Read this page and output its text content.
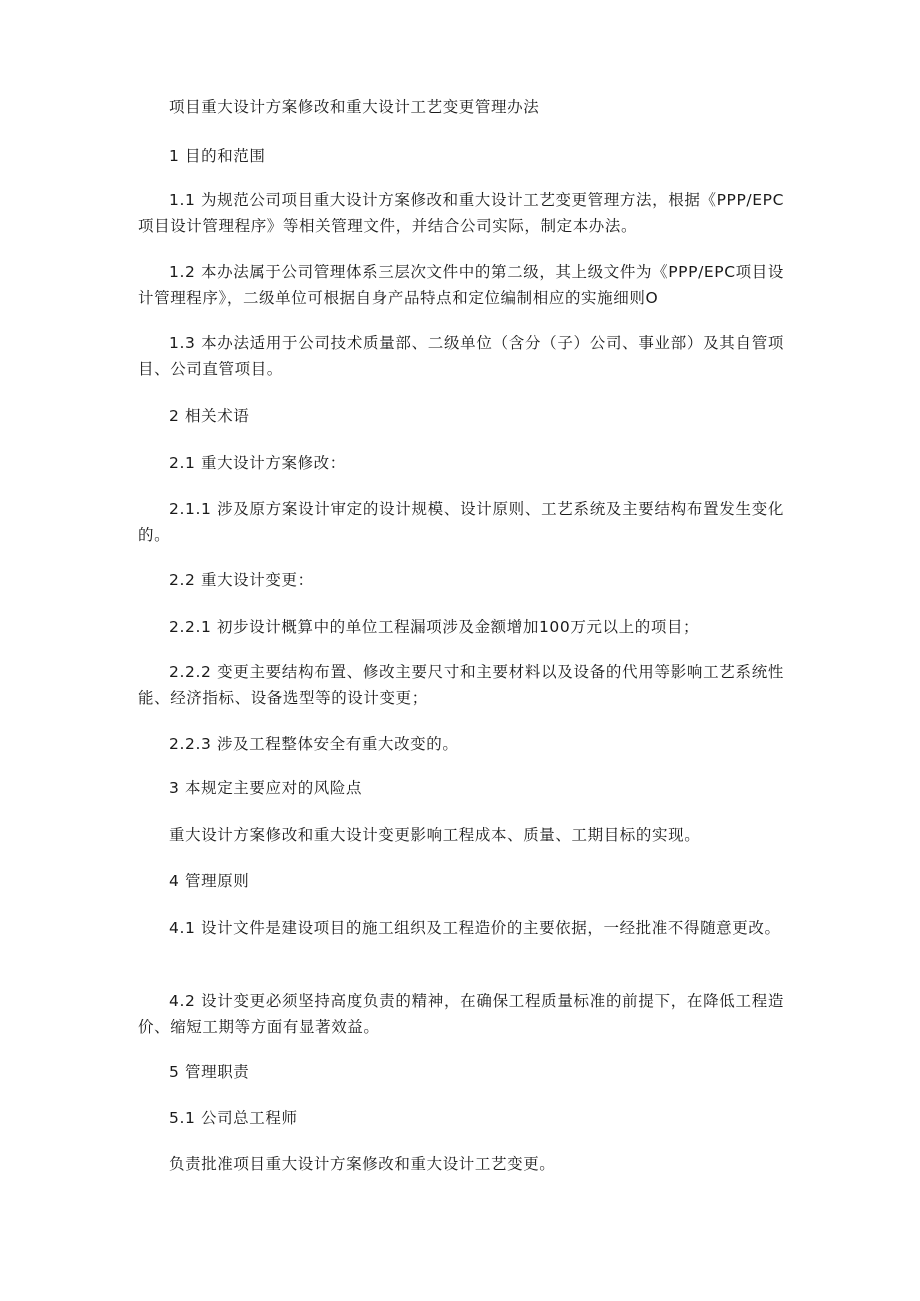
项目重大设计方案修改和重大设计工艺变更管理办法

1 目的和范围

1.1 为规范公司项目重大设计方案修改和重大设计工艺变更管理方法，根据《PPP/EPC项目设计管理程序》等相关管理文件，并结合公司实际，制定本办法。

1.2 本办法属于公司管理体系三层次文件中的第二级，其上级文件为《PPP/EPC项目设计管理程序》，二级单位可根据自身产品特点和定位编制相应的实施细则O

1.3 本办法适用于公司技术质量部、二级单位（含分（子）公司、事业部）及其自管项目、公司直管项目。

2 相关术语

2.1 重大设计方案修改：

2.1.1 涉及原方案设计审定的设计规模、设计原则、工艺系统及主要结构布置发生变化的。

2.2 重大设计变更：

2.2.1 初步设计概算中的单位工程漏项涉及金额增加100万元以上的项目；

2.2.2 变更主要结构布置、修改主要尺寸和主要材料以及设备的代用等影响工艺系统性能、经济指标、设备选型等的设计变更；

2.2.3 涉及工程整体安全有重大改变的。

3 本规定主要应对的风险点

重大设计方案修改和重大设计变更影响工程成本、质量、工期目标的实现。

4 管理原则

4.1 设计文件是建设项目的施工组织及工程造价的主要依据，一经批准不得随意更改。

4.2 设计变更必须坚持高度负责的精神，在确保工程质量标准的前提下，在降低工程造价、缩短工期等方面有显著效益。

5 管理职责

5.1 公司总工程师

负责批准项目重大设计方案修改和重大设计工艺变更。
